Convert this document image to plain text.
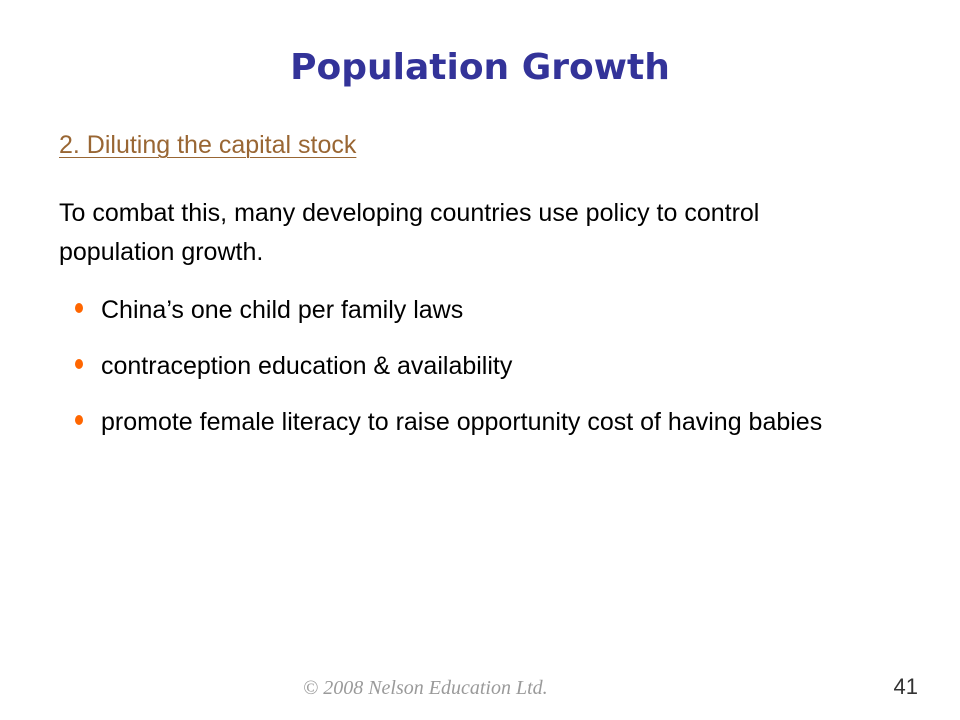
Population Growth
2. Diluting the capital stock
To combat this, many developing countries use policy to control population growth.
China’s one child per family laws
contraception education & availability
promote female literacy to raise opportunity cost of having babies
© 2008 Nelson Education Ltd.	41
